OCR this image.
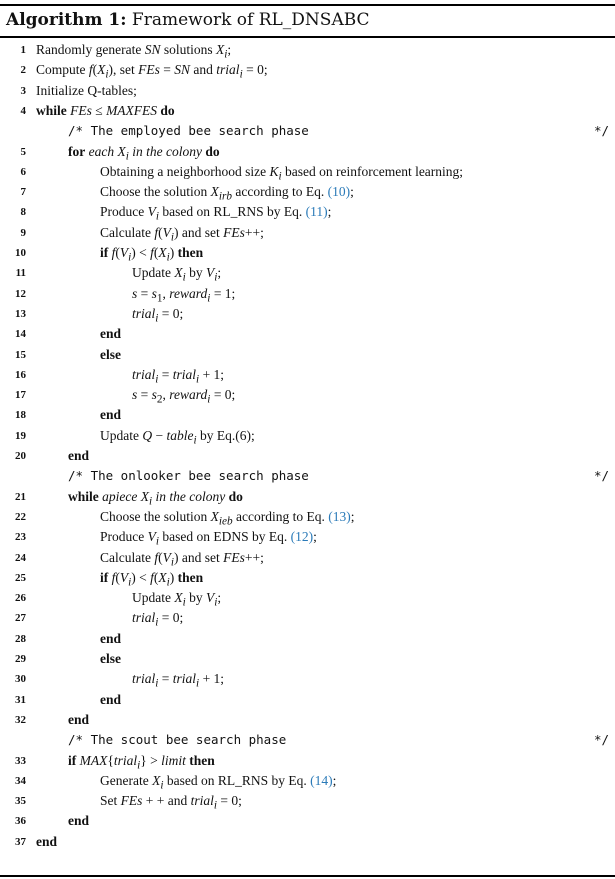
Algorithm 1: Framework of RL_DNSABC
1 Randomly generate SN solutions $X_i$;
2 Compute $f(X_i)$, set FEs = SN and trial$_i$ = 0;
3 Initialize Q-tables;
4 while FEs ≤ MAXFES do
/* The employed bee search phase	*/
5	for each $X_i$ in the colony do
6	Obtaining a neighborhood size $K_i$ based on reinforcement learning;
7	Choose the solution $X_{irb}$ according to Eq. (10);
8	Produce $V_i$ based on RL_RNS by Eq. (11);
9	Calculate $f(V_i)$ and set FEs++;
10	if $f(V_i) < f(X_i)$ then
11	Update $X_i$ by $V_i$;
12	$s = s_1$, reward$_i$ = 1;
13	trial$_i$ = 0;
14	end
15	else
16	trial$_i$ = trial$_i$ + 1;
17	$s = s_2$, reward$_i$ = 0;
18	end
19	Update Q − table$_i$ by Eq.(6);
20	end
/* The onlooker bee search phase	*/
21	while apiece $X_i$ in the colony do
22	Choose the solution $X_{ieb}$ according to Eq. (13);
23	Produce $V_i$ based on EDNS by Eq. (12);
24	Calculate $f(V_i)$ and set FEs++;
25	if $f(V_i) < f(X_i)$ then
26	Update $X_i$ by $V_i$;
27	trial$_i$ = 0;
28	end
29	else
30	trial$_i$ = trial$_i$ + 1;
31	end
32	end
/* The scout bee search phase	*/
33	if MAX{trial$_i$} > limit then
34	Generate $X_i$ based on RL_RNS by Eq. (14);
35	Set FEs + + and trial$_i$ = 0;
36	end
37 end
